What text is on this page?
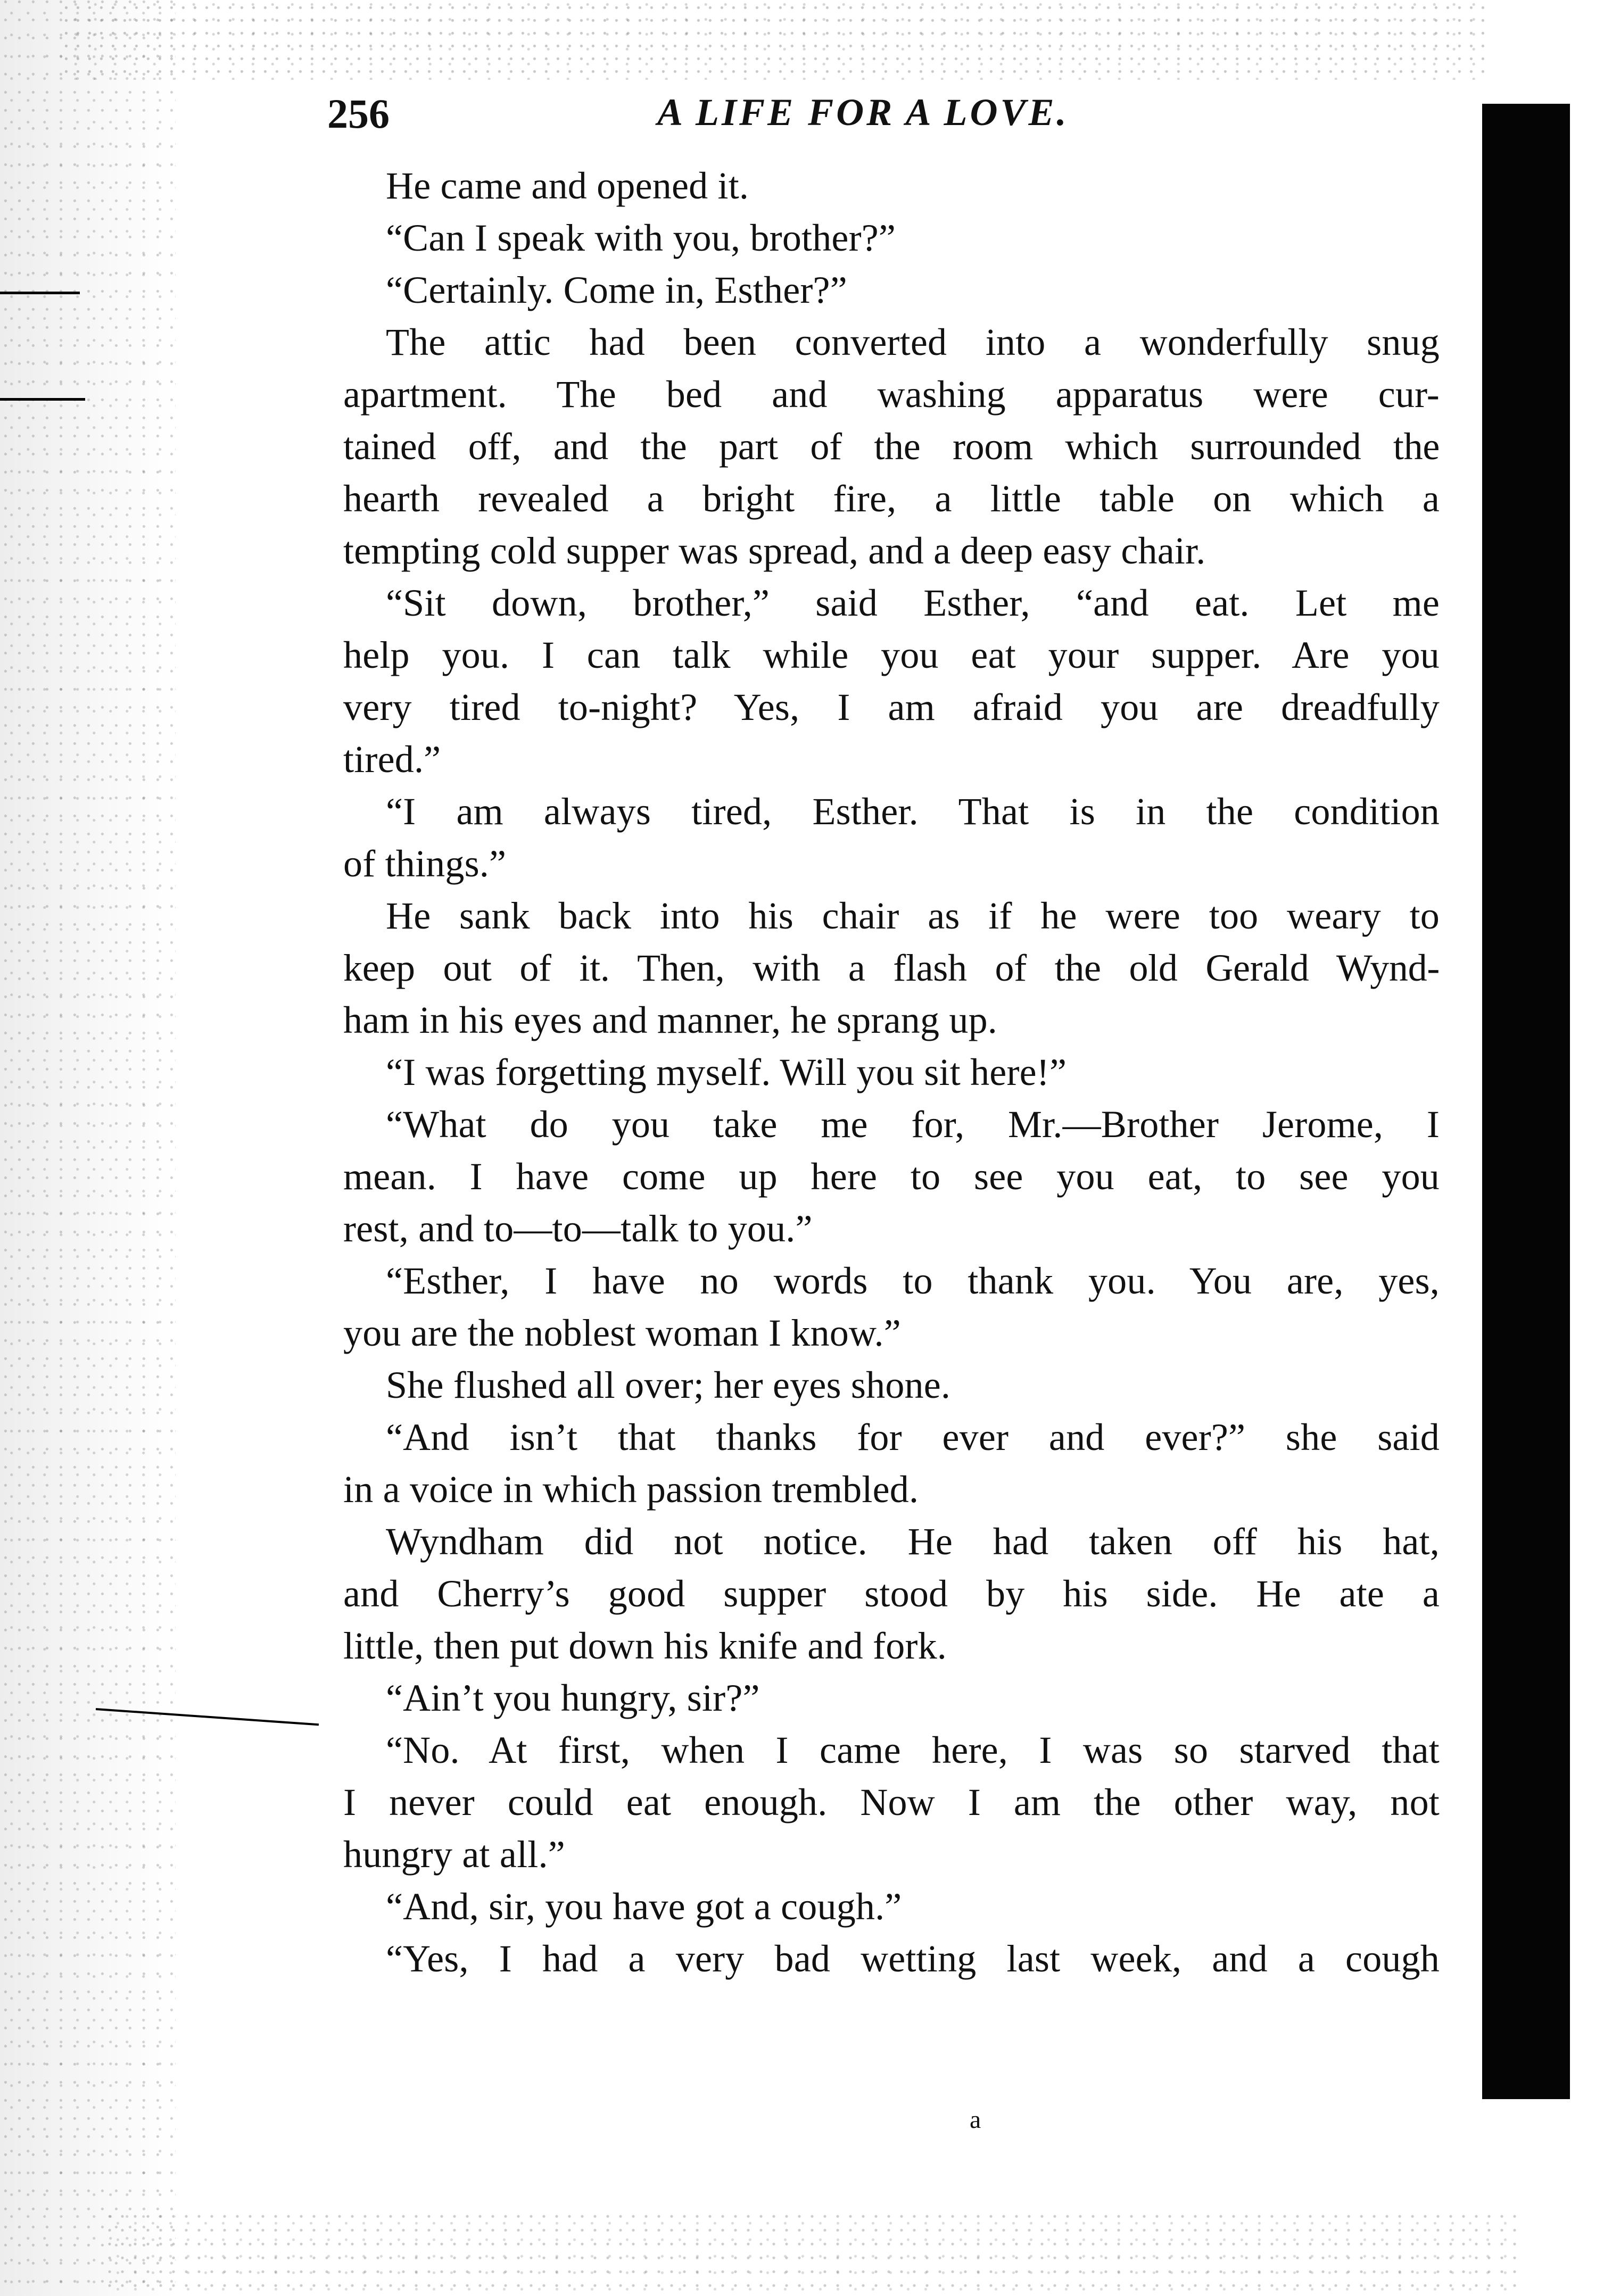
256	A LIFE FOR A LOVE.
He came and opened it.
“Can I speak with you, brother?”
“Certainly. Come in, Esther?”
The attic had been converted into a wonderfully snug
apartment. The bed and washing apparatus were cur-
tained off, and the part of the room which surrounded the
hearth revealed a bright fire, a little table on which a
tempting cold supper was spread, and a deep easy chair.
“Sit down, brother,” said Esther, “and eat. Let me
help you. I can talk while you eat your supper. Are you
very tired to-night? Yes, I am afraid you are dreadfully
tired.”
“I am always tired, Esther. That is in the condition
of things.”
He sank back into his chair as if he were too weary to
keep out of it. Then, with a flash of the old Gerald Wynd-
ham in his eyes and manner, he sprang up.
“I was forgetting myself. Will you sit here!”
“What do you take me for, Mr.—Brother Jerome, I
mean. I have come up here to see you eat, to see you
rest, and to—to—talk to you.”
“Esther, I have no words to thank you. You are, yes,
you are the noblest woman I know.”
She flushed all over; her eyes shone.
“And isn’t that thanks for ever and ever?” she said
in a voice in which passion trembled.
Wyndham did not notice. He had taken off his hat,
and Cherry’s good supper stood by his side. He ate a
little, then put down his knife and fork.
“Ain’t you hungry, sir?”
“No. At first, when I came here, I was so starved that
I never could eat enough. Now I am the other way, not
hungry at all.”
“And, sir, you have got a cough.”
“Yes, I had a very bad wetting last week, and a cough
a
